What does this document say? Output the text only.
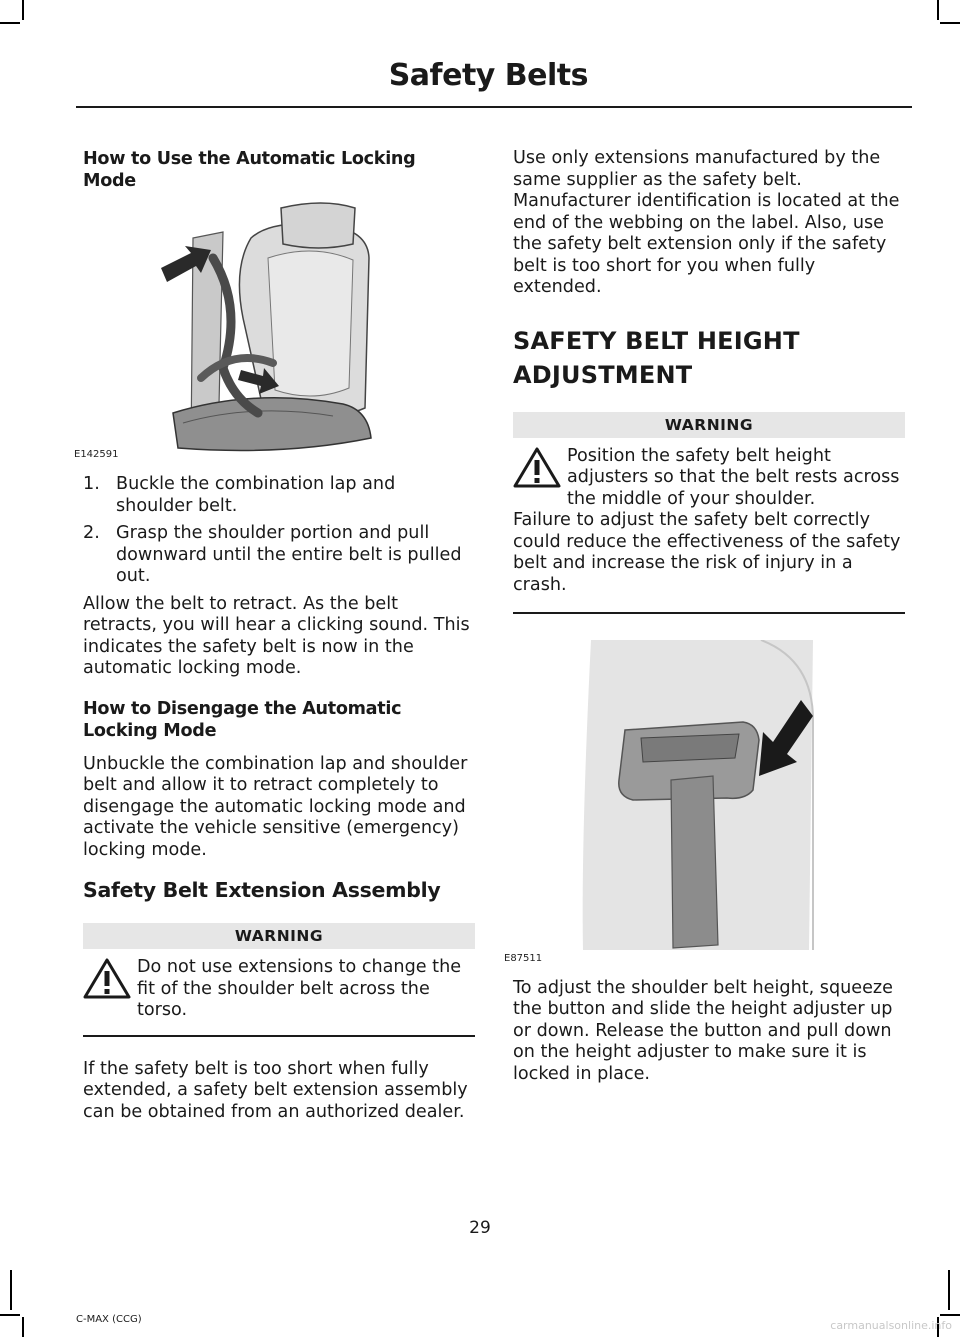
Safety Belts
How to Use the Automatic Locking Mode
E142591
1. Buckle the combination lap and shoulder belt.
2. Grasp the shoulder portion and pull downward until the entire belt is pulled out.

Allow the belt to retract. As the belt retracts, you will hear a clicking sound. This indicates the safety belt is now in the automatic locking mode.

How to Disengage the Automatic Locking Mode

Unbuckle the combination lap and shoulder belt and allow it to retract completely to disengage the automatic locking mode and activate the vehicle sensitive (emergency) locking mode.

Safety Belt Extension Assembly
WARNING

Do not use extensions to change the fit of the shoulder belt across the torso.

If the safety belt is too short when fully extended, a safety belt extension assembly can be obtained from an authorized dealer.

Use only extensions manufactured by the same supplier as the safety belt. Manufacturer identification is located at the end of the webbing on the label. Also, use the safety belt extension only if the safety belt is too short for you when fully extended.

SAFETY BELT HEIGHT
ADJUSTMENT
WARNING

Position the safety belt height adjusters so that the belt rests across the middle of your shoulder.

Failure to adjust the safety belt correctly could reduce the effectiveness of the safety belt and increase the risk of injury in a crash.

E87511

To adjust the shoulder belt height, squeeze the button and slide the height adjuster up or down. Release the button and pull down on the height adjuster to make sure it is locked in place.

29
C-MAX (CCG)	carmanualsonline.info
